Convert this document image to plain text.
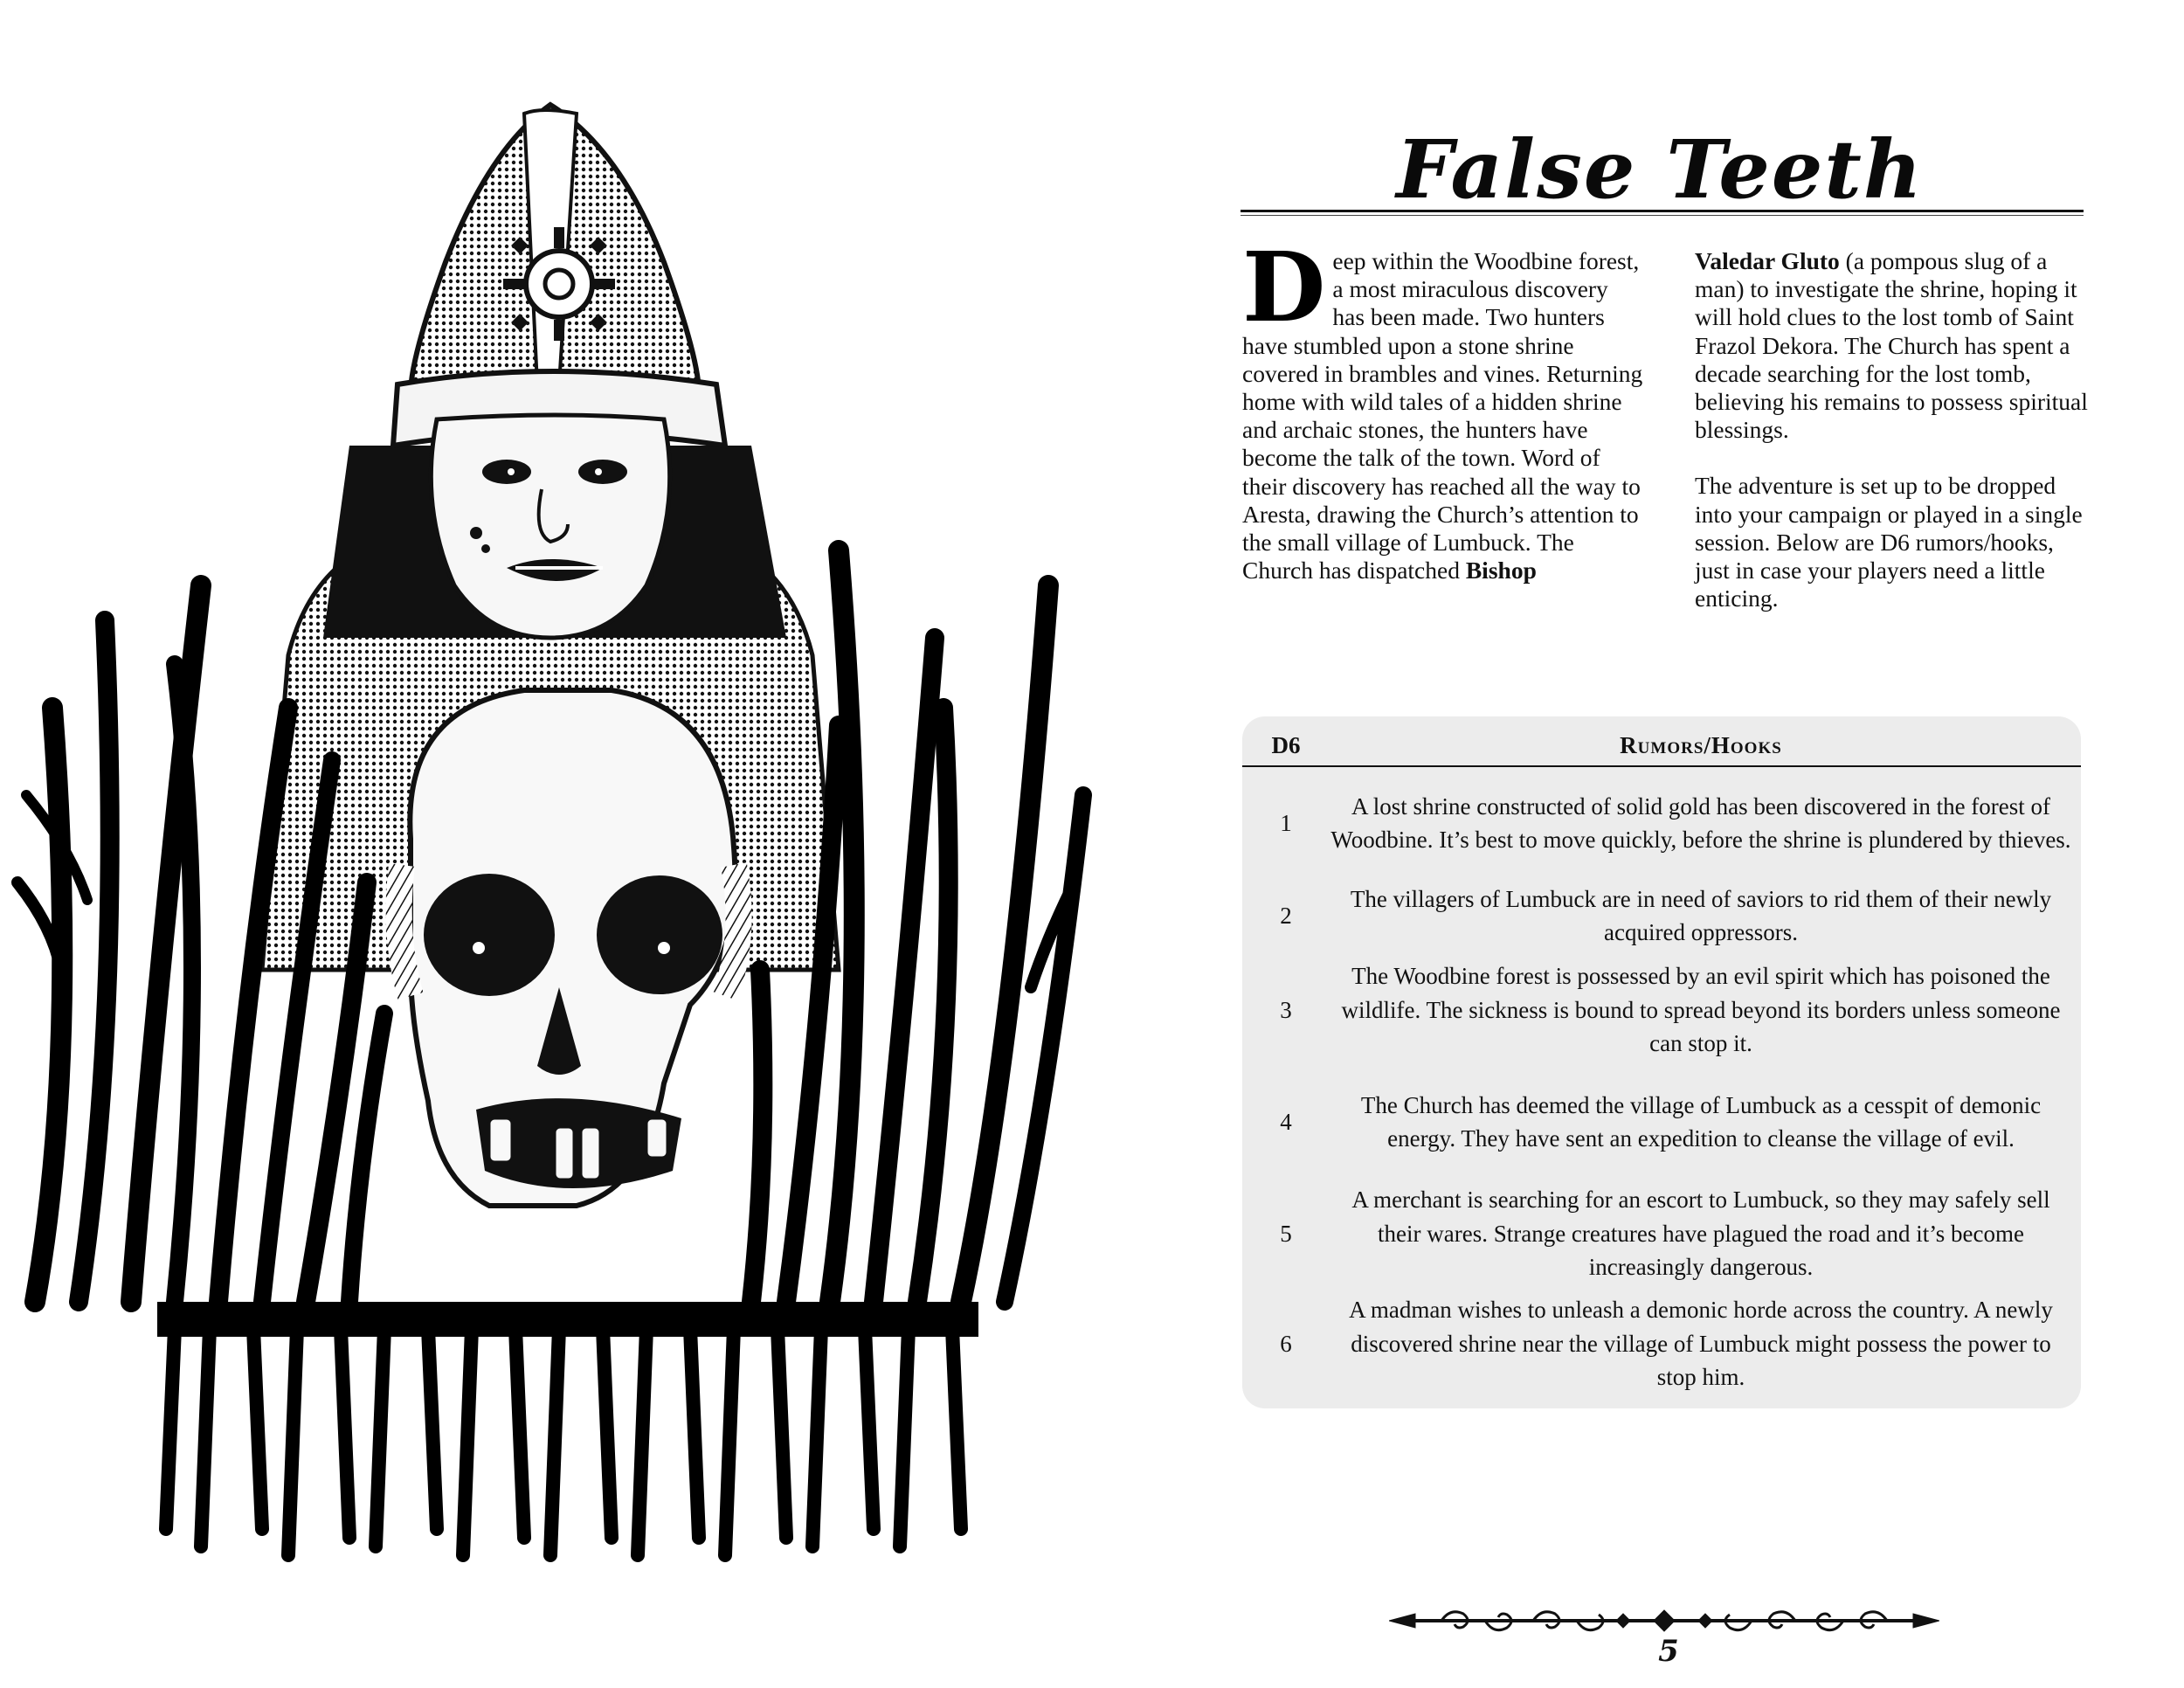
False Teeth
Deep within the Woodbine forest, a most miraculous discovery has been made. Two hunters have stumbled upon a stone shrine covered in brambles and vines. Returning home with wild tales of a hidden shrine and archaic stones, the hunters have become the talk of the town. Word of their discovery has reached all the way to Aresta, drawing the Church’s attention to the small village of Lumbuck. The Church has dispatched Bishop
Valedar Gluto (a pompous slug of a man) to investigate the shrine, hoping it will hold clues to the lost tomb of Saint Frazol Dekora. The Church has spent a decade searching for the lost tomb, believing his remains to possess spiritual blessings.
The adventure is set up to be dropped into your campaign or played in a single session. Below are D6 rumors/hooks, just in case your players need a little enticing.
D6	Rumors/Hooks
1
A lost shrine constructed of solid gold has been discovered in the forest of Woodbine. It’s best to move quickly, before the shrine is plundered by thieves.
2
The villagers of Lumbuck are in need of saviors to rid them of their newly acquired oppressors.
3
The Woodbine forest is possessed by an evil spirit which has poisoned the wildlife. The sickness is bound to spread beyond its borders unless someone can stop it.
4
The Church has deemed the village of Lumbuck as a cesspit of demonic energy. They have sent an expedition to cleanse the village of evil.
5
A merchant is searching for an escort to Lumbuck, so they may safely sell their wares. Strange creatures have plagued the road and it’s become increasingly dangerous.
6
A madman wishes to unleash a demonic horde across the country. A newly discovered shrine near the village of Lumbuck might possess the power to stop him.
5
